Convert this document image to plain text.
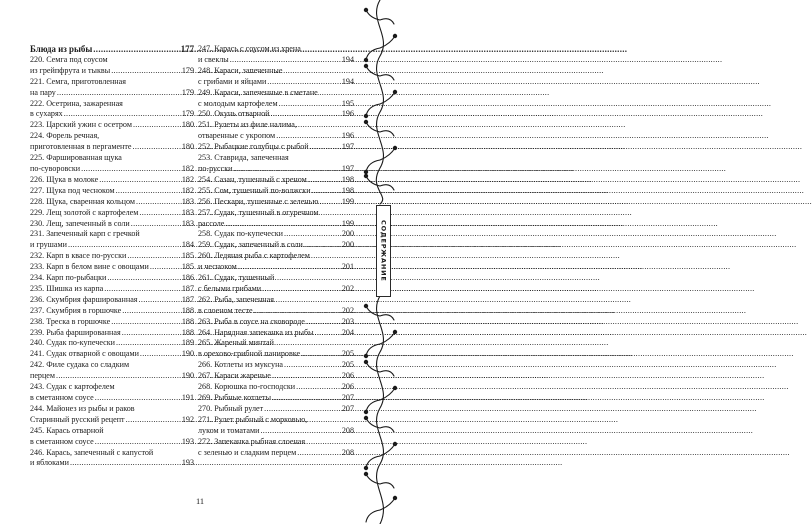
Блюда из рыбы .....	177
220. Семга под соусом
из грейпфрута и тыквы .....	179
221. Семга, приготовленная
на пару .....	179
222. Осетрина, зажаренная
в сухарях .....	179
223. Царский ужин с осетром .....	180
224. Форель речная,
приготовленная в пергаменте .....	180
225. Фаршированная щука
по-суворовски .....	182
226. Щука в молоке .....	182
227. Щука под чесноком .....	182
228. Щука, сваренная кольцом .....	183
229. Лещ золотой с картофелем .....	183
230. Лещ, запеченный в соли .....	183
231. Запеченный карп с гречкой
и грушами .....	184
232. Карп в квасе по-русски .....	185
233. Карп в белом вине с овощами .....	185
234. Карп по-рыбацки .....	186
235. Шишка из карпа .....	187
236. Скумбрия фаршированная .....	187
237. Скумбрия в горшочке .....	188
238. Треска в горшочке .....	188
239. Рыба фаршированная .....	188
240. Судак по-купечески .....	189
241. Судак отварной с овощами .....	190
242. Филе судака со сладким
перцем .....	190
243. Судак с картофелем
в сметанном соусе .....	191
244. Майонез из рыбы и раков
Старинный русский рецепт .....	192
245. Карась отварной
в сметанном соусе .....	193
246. Карась, запеченный с капустой
и яблоками .....	193
247. Карась с соусом из хрена
и свеклы .....	194
248. Караси, запеченные
с грибами и яйцами .....	194
249. Караси, запеченные в сметане
с молодым картофелем .....	195
250. Окунь отварной .....	196
251. Рулеты из филе налима,
отваренные с укропом .....	196
252. Рыбацкие голубцы с рыбой .....	197
253. Ставрида, запеченная
по-русски .....	197
254. Сазан, тушенный с хреном .....	198
255. Сом, тушенный по-волжски .....	198
256. Пескари, тушенные с зеленью .....	199
257. Судак, тушенный в огуречном
рассоле .....	199
258. Судак по-купечески .....	200
259. Судак, запеченный в соли .....	200
260. Ледяная рыба с картофелем
и чесноком .....	201
261. Судак, тушенный
с белыми грибами .....	202
262. Рыба, запеченная
в слоеном тесте .....	202
263. Рыба в соусе на сковороде .....	203
264. Нарядная запеканка из рыбы .....	204
265. Жареный минтай
в орехово-грибной панировке .....	205
266. Котлеты из муксуна .....	205
267. Караси жареные .....	206
268. Корюшка по-господски .....	206
269. Рыбные котлеты .....	207
270. Рыбный рулет .....	207
271. Рулет рыбный с морковью,
луком и томатами .....	208
272. Запеканка рыбная слоеная
с зеленью и сладким перцем .....	208
СОДЕРЖАНИЕ
11
